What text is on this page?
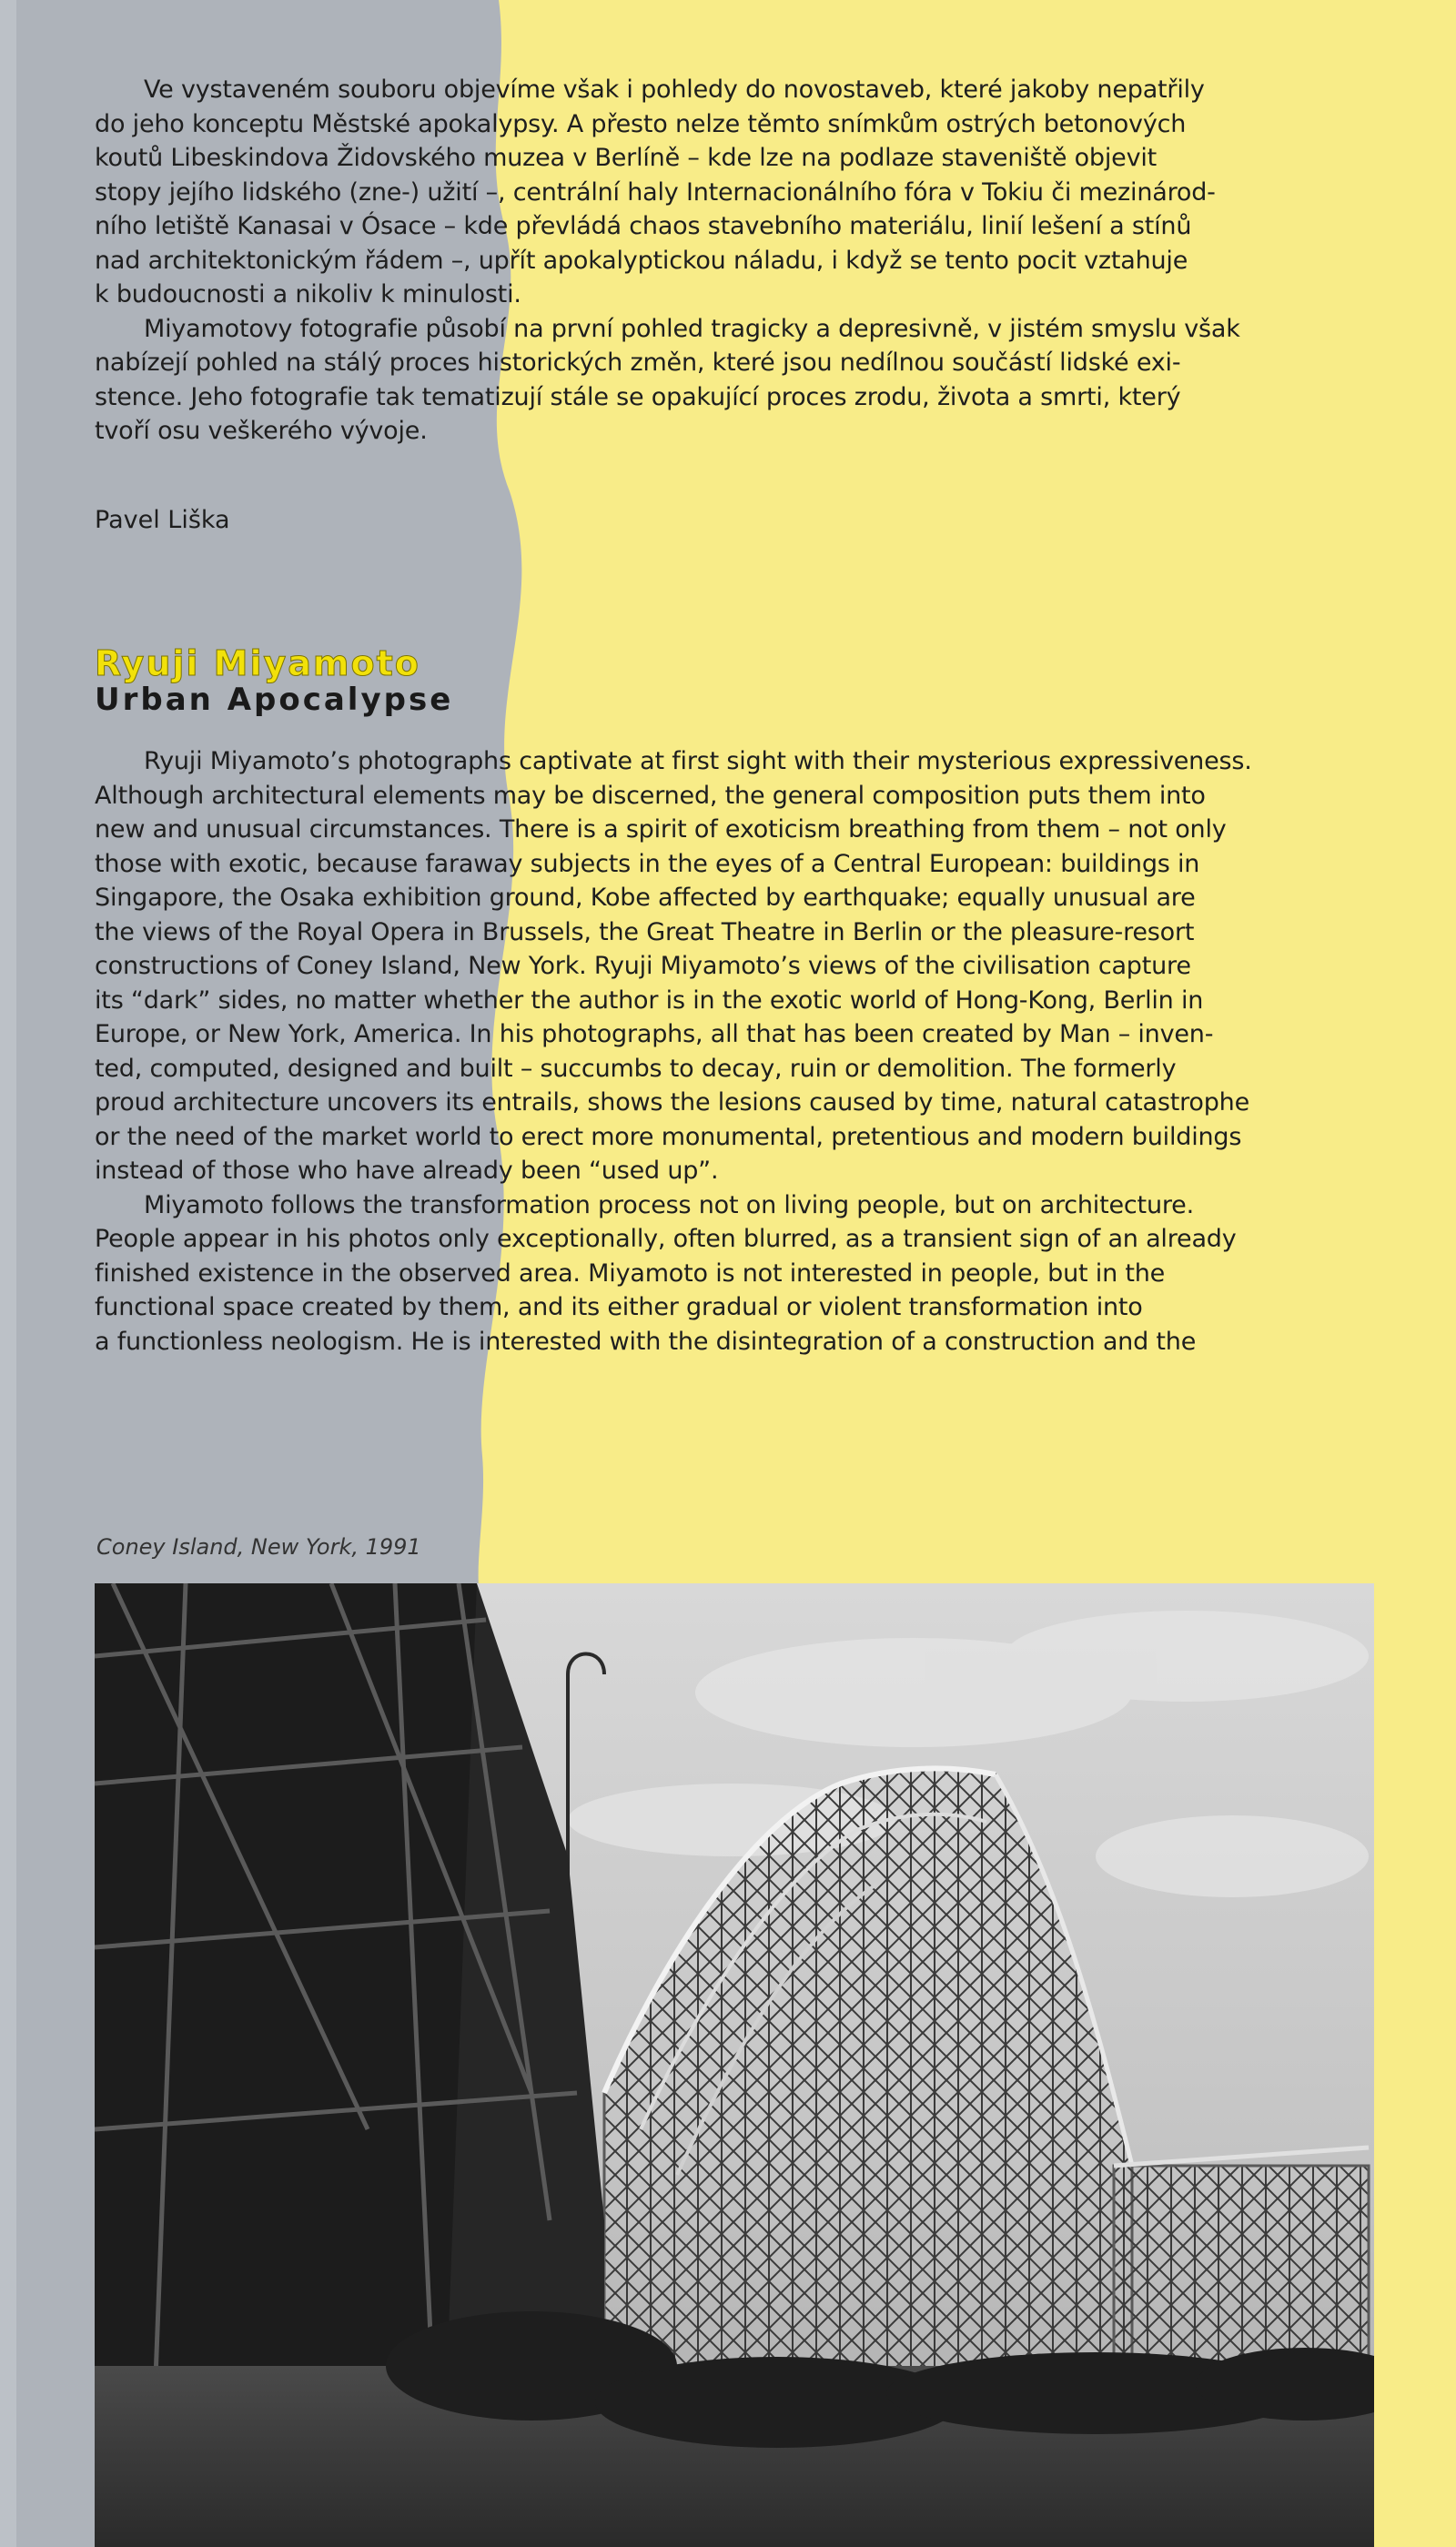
Ve vystaveném souboru objevíme však i pohledy do novostaveb, které jakoby nepatřily
do jeho konceptu Městské apokalypsy. A přesto nelze těmto snímkům ostrých betonových
koutů Libeskindova Židovského muzea v Berlíně – kde lze na podlaze staveniště objevit
stopy jejího lidského (zne-) užití –, centrální haly Internacionálního fóra v Tokiu či mezinárod-
ního letiště Kanasai v Ósace – kde převládá chaos stavebního materiálu, linií lešení a stínů
nad architektonickým řádem –, upřít apokalyptickou náladu, i když se tento pocit vztahuje
k budoucnosti a nikoliv k minulosti.

Miyamotovy fotografie působí na první pohled tragicky a depresivně, v jistém smyslu však
nabízejí pohled na stálý proces historických změn, které jsou nedílnou součástí lidské exi-
stence. Jeho fotografie tak tematizují stále se opakující proces zrodu, života a smrti, který
tvoří osu veškerého vývoje.

Pavel Liška
Ryuji Miyamoto
Urban Apocalypse

Ryuji Miyamoto’s photographs captivate at first sight with their mysterious expressiveness.
Although architectural elements may be discerned, the general composition puts them into
new and unusual circumstances. There is a spirit of exoticism breathing from them – not only
those with exotic, because faraway subjects in the eyes of a Central European: buildings in
Singapore, the Osaka exhibition ground, Kobe affected by earthquake; equally unusual are
the views of the Royal Opera in Brussels, the Great Theatre in Berlin or the pleasure-resort
constructions of Coney Island, New York. Ryuji Miyamoto’s views of the civilisation capture
its “dark” sides, no matter whether the author is in the exotic world of Hong-Kong, Berlin in
Europe, or New York, America. In his photographs, all that has been created by Man – inven-
ted, computed, designed and built – succumbs to decay, ruin or demolition. The formerly
proud architecture uncovers its entrails, shows the lesions caused by time, natural catastrophe
or the need of the market world to erect more monumental, pretentious and modern buildings
instead of those who have already been “used up”.

Miyamoto follows the transformation process not on living people, but on architecture.
People appear in his photos only exceptionally, often blurred, as a transient sign of an already
finished existence in the observed area. Miyamoto is not interested in people, but in the
functional space created by them, and its either gradual or violent transformation into
a functionless neologism. He is interested with the disintegration of a construction and the

Coney Island, New York, 1991
